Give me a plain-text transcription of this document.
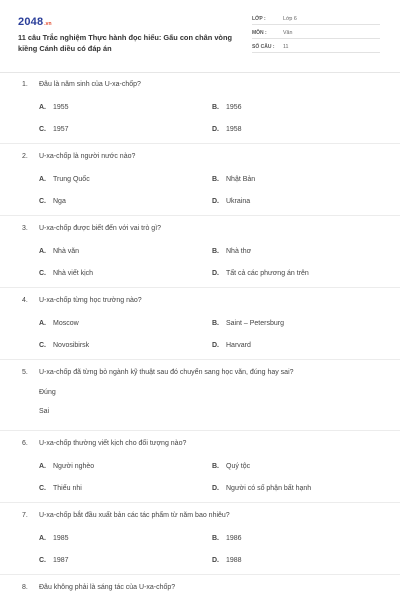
2048 .vn
11 câu Trắc nghiệm Thực hành đọc hiểu: Gấu con chân vòng kiềng Cánh diều có đáp án
LỚP :	Lớp 6
MÔN :	Văn
SỐ CÂU :	11
1. Đâu là năm sinh của U-xa-chốp?
A. 1955	B. 1956
C. 1957	D. 1958
2. U-xa-chốp là người nước nào?
A. Trung Quốc	B. Nhật Bản
C. Nga	D. Ukraina
3. U-xa-chốp được biết đến với vai trò gì?
A. Nhà văn	B. Nhà thơ
C. Nhà viết kịch	D. Tất cả các phương án trên
4. U-xa-chốp từng học trường nào?
A. Moscow	B. Saint – Petersburg
C. Novosibirsk	D. Harvard
5. U-xa-chốp đã từng bỏ ngành kỹ thuật sau đó chuyển sang học văn, đúng hay sai?
Đúng
Sai
6. U-xa-chốp thường viết kịch cho đối tượng nào?
A. Người nghèo	B. Quý tộc
C. Thiếu nhi	D. Người có số phận bất hạnh
7. U-xa-chốp bắt đầu xuất bản các tác phẩm từ năm bao nhiêu?
A. 1985	B. 1986
C. 1987	D. 1988
8. Đâu không phải là sáng tác của U-xa-chốp?
